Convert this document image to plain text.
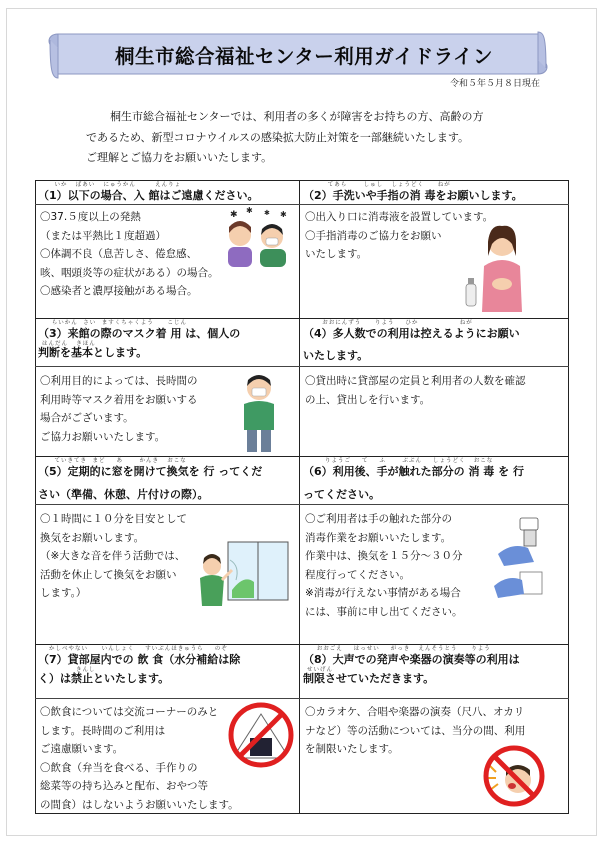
桐生市総合福祉センター利用ガイドライン
令和５年５月８日現在
桐生市総合福祉センターでは、利用者の多くが障害をお持ちの方、高齢の方
であるため、新型コロナウイルスの感染拡大防止対策を一部継続いたします。
ご理解とご協力をお願いいたします。
いか   ばあい   にゅうかん       えんりょ
（1）以下の場合、入 館はご遠慮ください。
〇37.５度以上の発熱
（または平熱比１度超過）
〇体調不良（息苦しさ、倦怠感、
咳、咽頭炎等の症状がある）の場合。
〇感染者と濃厚接触がある場合。
✱ ✱ ✱ ✱
てあら      しゅし   しょうどく     ねが
（2）手洗いや手指の消 毒をお願いします。
〇出入り口に消毒液を設置しています。
〇手指消毒のご協力をお願い
いたします。
らいかん  さい  ますくちゃくよう     こじん
（3）来館の際のマスク着 用 は、個人の
はんだん   きほん
判断を基本とします。
〇利用目的によっては、長時間の
利用時等マスク着用をお願いする
場合がございます。
ご協力お願いいたします。
おおにんずう     りよう    ひか               ねが
（4）多人数での利用は控えるようにお願い
いたします。
〇貸出時に貸部屋の定員と利用者の人数を確認
の上、貸出しを行います。
ていきてき  まど    あ      かんき   おこな
（5）定期的に窓を開けて換気を 行 ってくだ
さい（準備、休憩、片付けの際）。
〇１時間に１０分を目安として
換気をお願いします。
（※大きな音を伴う活動では、
活動を休止して換気をお願い
します。）
りようご    て    ふ      ぶぶん    しょうどく   おこな
（6）利用後、手が触れた部分の 消 毒 を 行
ってください。
〇ご利用者は手の触れた部分の
消毒作業をお願いいたします。
作業中は、換気を１５分～３０分
程度行ってください。
※消毒が行えない事情がある場合
には、事前に申し出てください。
かしべやない     いんしょく    すいぶんほきゅうら    のぞ
（7）貸部屋内での 飲 食（水分補給は除
きんし
く）は禁止といたします。
〇飲食については交流コーナーのみと
します。長時間のご利用は
ご遠慮願います。
〇飲食（弁当を食べる、手作りの
総菜等の持ち込みと配布、おやつ等
の間食）はしないようお願いいたします。
おおごえ    はっせい    がっき   えんそうとう     りよう
（8）大声での発声や楽器の演奏等の利用は
せいげん
制限させていただきます。
〇カラオケ、合唱や楽器の演奏（尺八、オカリ
ナなど）等の活動については、当分の間、利用
を制限いたします。
